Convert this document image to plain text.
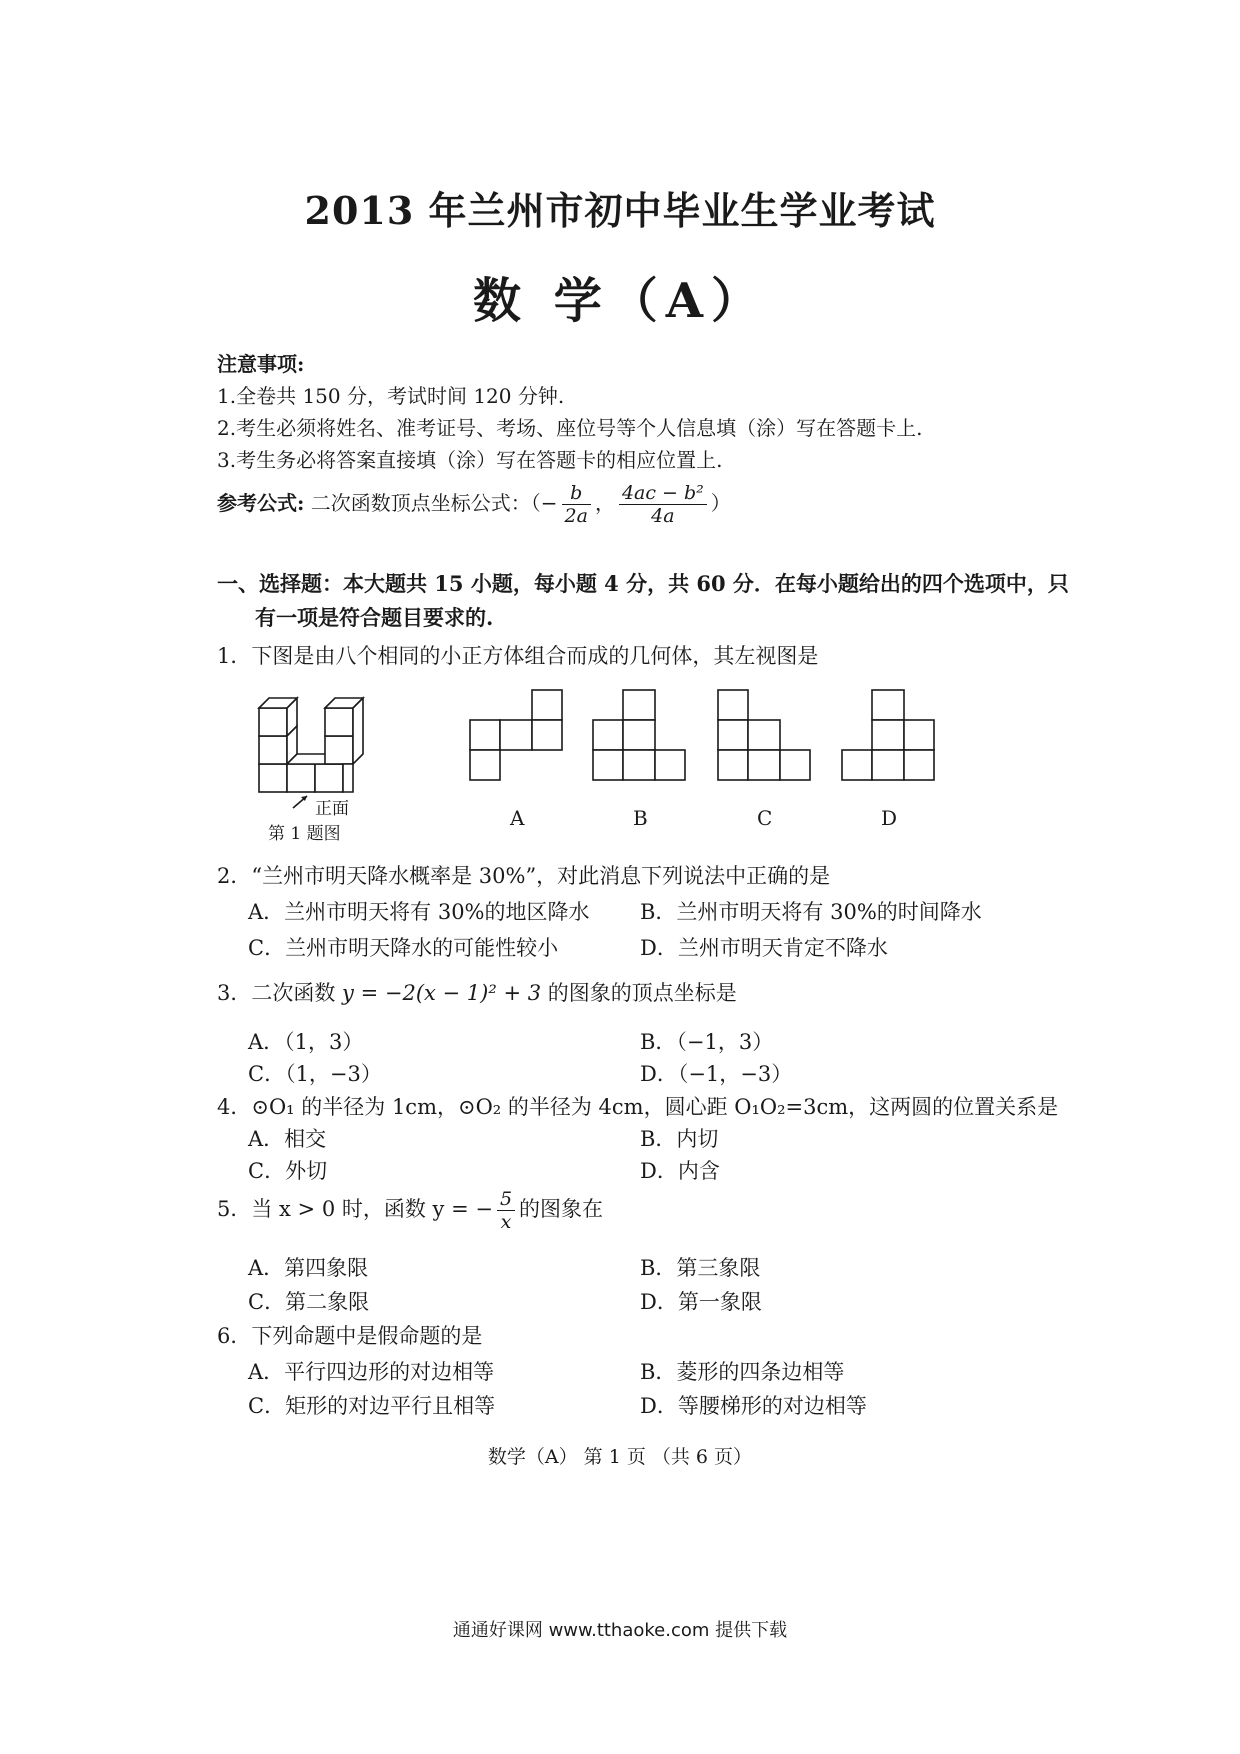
2013 年兰州市初中毕业生学业考试
数 学（A）
注意事项:
1.全卷共 150 分，考试时间 120 分钟.
2.考生必须将姓名、准考证号、考场、座位号等个人信息填（涂）写在答题卡上.
3.考生务必将答案直接填（涂）写在答题卡的相应位置上.
参考公式: 二次函数顶点坐标公式：（− $\frac{b}{2a}$ ， $\frac{\text{4ac − b²}}{4a}$ ）
一、选择题：本大题共 15 小题，每小题 4 分，共 60 分．在每小题给出的四个选项中，只
有一项是符合题目要求的.
1．下图是由八个相同的小正方体组合而成的几何体，其左视图是
正面
第 1 题图
A	B	C	D
2．“兰州市明天降水概率是 30%”，对此消息下列说法中正确的是
A．兰州市明天将有 30%的地区降水 B．兰州市明天将有 30%的时间降水
C．兰州市明天降水的可能性较小	D．兰州市明天肯定不降水
3．二次函数 y = −2(x − 1)² + 3 的图象的顶点坐标是
A．（1，3）	B．（−1，3）
C．（1，−3）	D．（−1，−3）
4．⊙O₁ 的半径为 1cm，⊙O₂ 的半径为 4cm，圆心距 O₁O₂=3cm，这两圆的位置关系是
A．相交	B．内切
C．外切	D．内含
5．当 x > 0 时，函数 y = − $\frac{5}{x}$ 的图象在
A．第四象限	B．第三象限
C．第二象限	D．第一象限
6．下列命题中是假命题的是
A．平行四边形的对边相等	B．菱形的四条边相等
C．矩形的对边平行且相等	D．等腰梯形的对边相等
数学（A） 第 1 页 （共 6 页）
通通好课网 www.tthaoke.com 提供下载
